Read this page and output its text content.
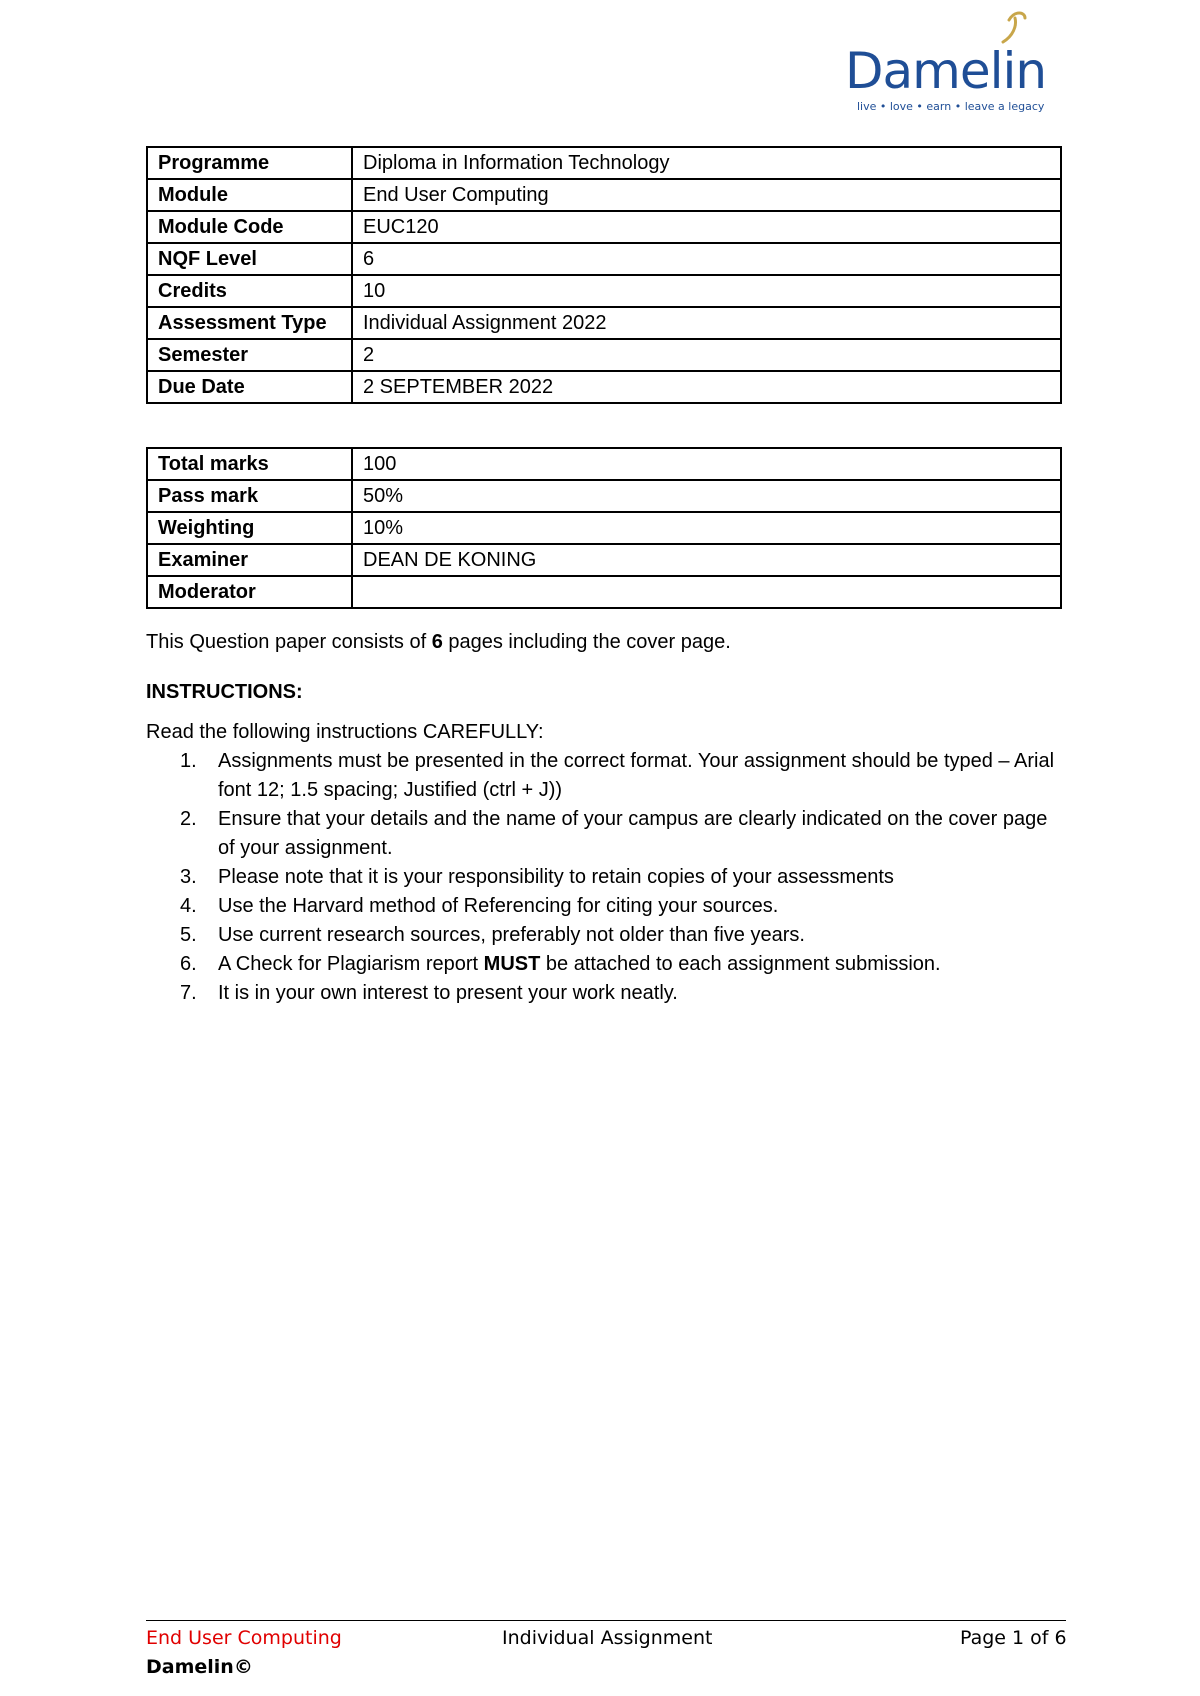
Damelin
live • love • earn • leave a legacy
Programme	Diploma in Information Technology
Module	End User Computing
Module Code	EUC120
NQF Level	6
Credits	10
Assessment Type	Individual Assignment 2022
Semester	2
Due Date	2 SEPTEMBER 2022
Total marks	100
Pass mark	50%
Weighting	10%
Examiner	DEAN DE KONING
Moderator	
This Question paper consists of 6 pages including the cover page.
INSTRUCTIONS:
Read the following instructions CAREFULLY:
1. Assignments must be presented in the correct format. Your assignment should be typed – Arial font 12; 1.5 spacing; Justified (ctrl + J))
2. Ensure that your details and the name of your campus are clearly indicated on the cover page of your assignment.
3. Please note that it is your responsibility to retain copies of your assessments
4. Use the Harvard method of Referencing for citing your sources.
5. Use current research sources, preferably not older than five years.
6. A Check for Plagiarism report MUST be attached to each assignment submission.
7. It is in your own interest to present your work neatly.
End User Computing	Individual Assignment	Page 1 of 6
Damelin©
